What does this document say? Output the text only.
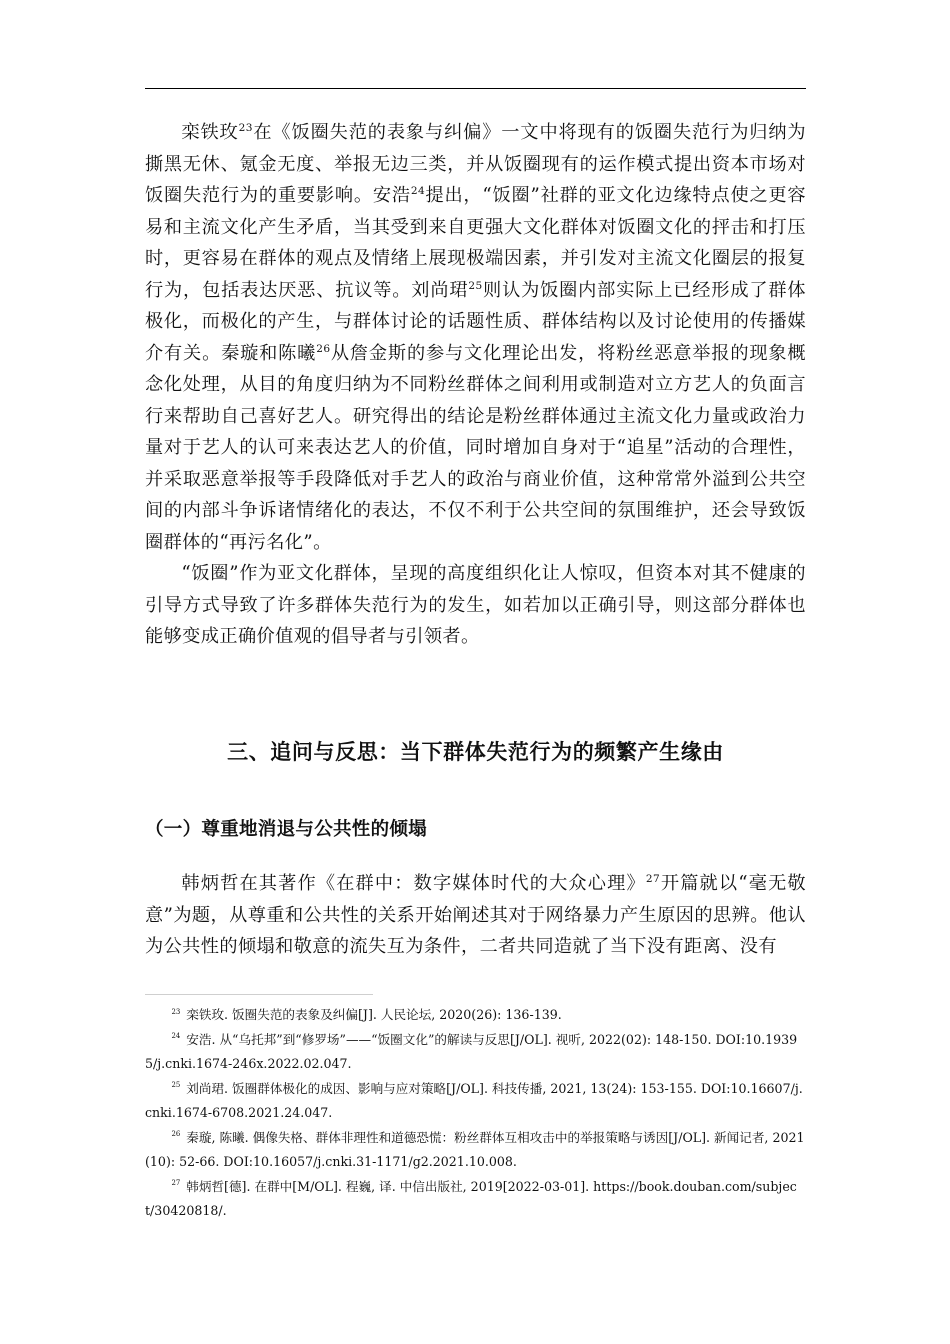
栾铁玫$^{23}$在《饭圈失范的表象与纠偏》一文中将现有的饭圈失范行为归纳为撕黑无休、氪金无度、举报无边三类，并从饭圈现有的运作模式提出资本市场对饭圈失范行为的重要影响。安浩$^{24}$提出，“饭圈”社群的亚文化边缘特点使之更容易和主流文化产生矛盾，当其受到来自更强大文化群体对饭圈文化的抨击和打压时，更容易在群体的观点及情绪上展现极端因素，并引发对主流文化圈层的报复行为，包括表达厌恶、抗议等。刘尚珺$^{25}$则认为饭圈内部实际上已经形成了群体极化，而极化的产生，与群体讨论的话题性质、群体结构以及讨论使用的传播媒介有关。秦璇和陈曦$^{26}$从詹金斯的参与文化理论出发，将粉丝恶意举报的现象概念化处理，从目的角度归纳为不同粉丝群体之间利用或制造对立方艺人的负面言行来帮助自己喜好艺人。研究得出的结论是粉丝群体通过主流文化力量或政治力量对于艺人的认可来表达艺人的价值，同时增加自身对于“追星”活动的合理性，并采取恶意举报等手段降低对手艺人的政治与商业价值，这种常常外溢到公共空间的内部斗争诉诸情绪化的表达，不仅不利于公共空间的氛围维护，还会导致饭圈群体的“再污名化”。

“饭圈”作为亚文化群体，呈现的高度组织化让人惊叹，但资本对其不健康的引导方式导致了许多群体失范行为的发生，如若加以正确引导，则这部分群体也能够变成正确价值观的倡导者与引领者。

三、追问与反思：当下群体失范行为的频繁产生缘由
（一）尊重地消退与公共性的倾塌

韩炳哲在其著作《在群中：数字媒体时代的大众心理》$^{27}$开篇就以“毫无敬意”为题，从尊重和公共性的关系开始阐述其对于网络暴力产生原因的思辨。他认为公共性的倾塌和敬意的流失互为条件，二者共同造就了当下没有距离、没有

$^{23}$ 栾铁玫. 饭圈失范的表象及纠偏[J]. 人民论坛, 2020(26): 136-139.

$^{24}$ 安浩. 从“乌托邦”到“修罗场”——“饭圈文化”的解读与反思[J/OL]. 视听, 2022(02): 148-150. DOI:10.19395/j.cnki.1674-246x.2022.02.047.

$^{25}$ 刘尚珺. 饭圈群体极化的成因、影响与应对策略[J/OL]. 科技传播, 2021, 13(24): 153-155. DOI:10.16607/j.cnki.1674-6708.2021.24.047.

$^{26}$ 秦璇, 陈曦. 偶像失格、群体非理性和道德恐慌：粉丝群体互相攻击中的举报策略与诱因[J/OL]. 新闻记者, 2021(10): 52-66. DOI:10.16057/j.cnki.31-1171/g2.2021.10.008.

$^{27}$ 韩炳哲[德]. 在群中[M/OL]. 程巍, 译. 中信出版社, 2019[2022-03-01]. https://book.douban.com/subject/30420818/.
